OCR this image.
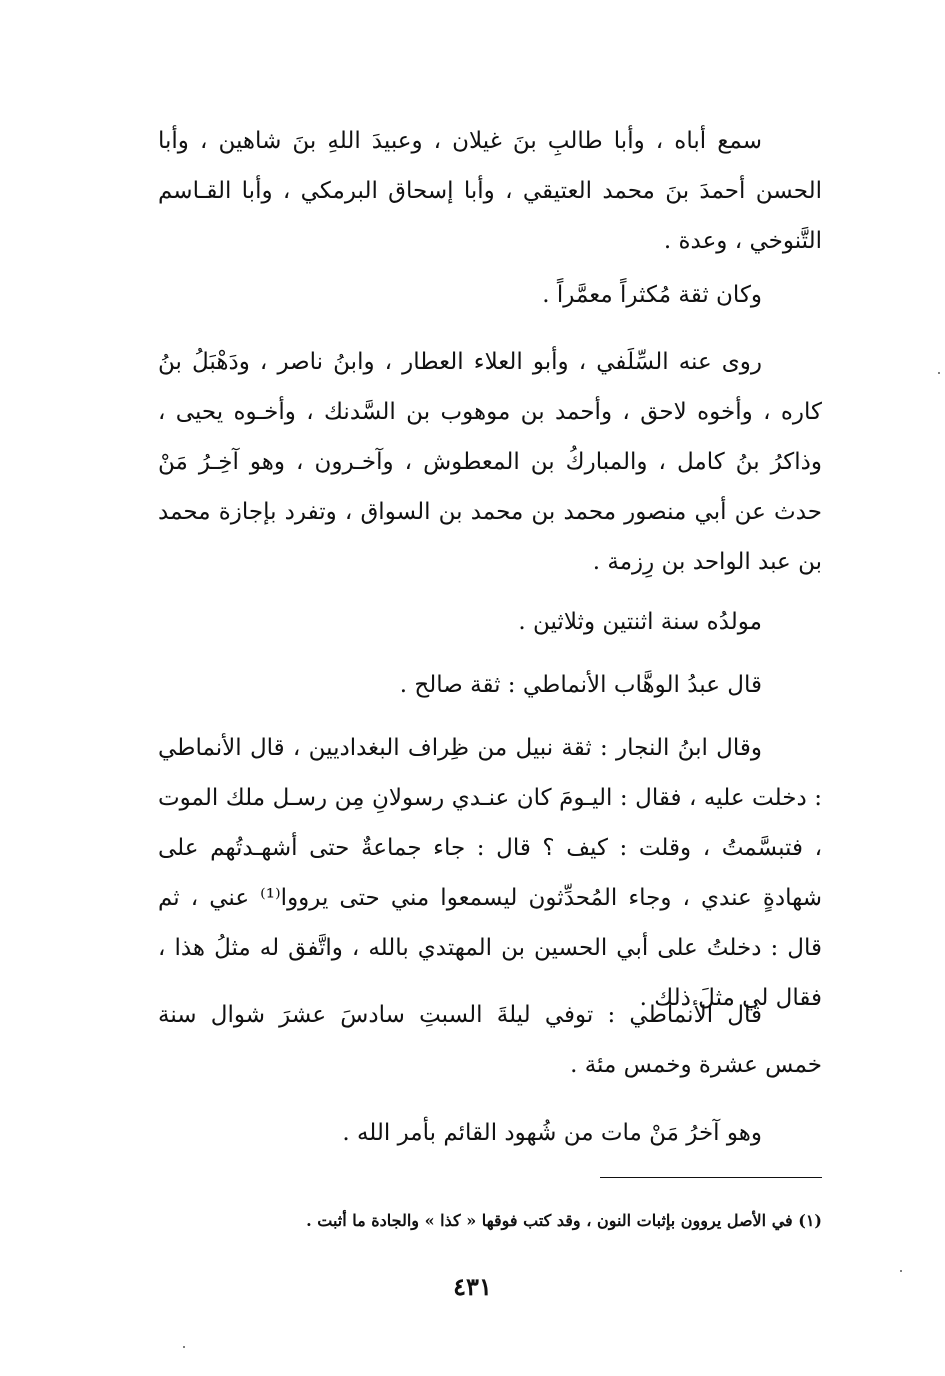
سمع أباه ، وأبا طالبِ بنَ غيلان ، وعبيدَ اللهِ بنَ شاهين ، وأبا الحسن أحمدَ بنَ محمد العتيقي ، وأبا إسحاق البرمكي ، وأبا القـاسم التَّنوخي ، وعدة .

وكان ثقة مُكثراً معمَّراً .

روى عنه السِّلَفي ، وأبو العلاء العطار ، وابنُ ناصر ، ودَهْبَلُ بنُ كاره ، وأخوه لاحق ، وأحمد بن موهوب بن السَّدنك ، وأخـوه يحيى ، وذاكرُ بنُ كامل ، والمباركُ بن المعطوش ، وآخـرون ، وهو آخِـرُ مَنْ حدث عن أبي منصور محمد بن محمد بن السواق ، وتفرد بإجازة محمد بن عبد الواحد بن رِزمة .

مولدُه سنة اثنتين وثلاثين .

قال عبدُ الوهَّاب الأنماطي : ثقة صالح .

وقال ابنُ النجار : ثقة نبيل من ظِراف البغداديين ، قال الأنماطي : دخلت عليه ، فقال : اليـومَ كان عنـدي رسولانِ مِن رسـل ملك الموت ، فتبسَّمتُ ، وقلت : كيف ؟ قال : جاء جماعةٌ حتى أشهـدتُهم على شهادةٍ عندي ، وجاء المُحدِّثون ليسمعوا مني حتى يرووا⁽¹⁾ عني ، ثم قال : دخلتُ على أبي الحسين بن المهتدي بالله ، واتَّفق له مثلُ هذا ، فقال لي مثلَ ذلك .

قال الأنماطي : توفي ليلةَ السبتِ سادسَ عشرَ شوال سنة خمس عشرة وخمس مئة .

وهو آخرُ مَنْ مات من شُهود القائم بأمر الله .

(١) في الأصل يروون بإثبات النون ، وقد كتب فوقها « كذا » والجادة ما أثبت .
٤٣١
